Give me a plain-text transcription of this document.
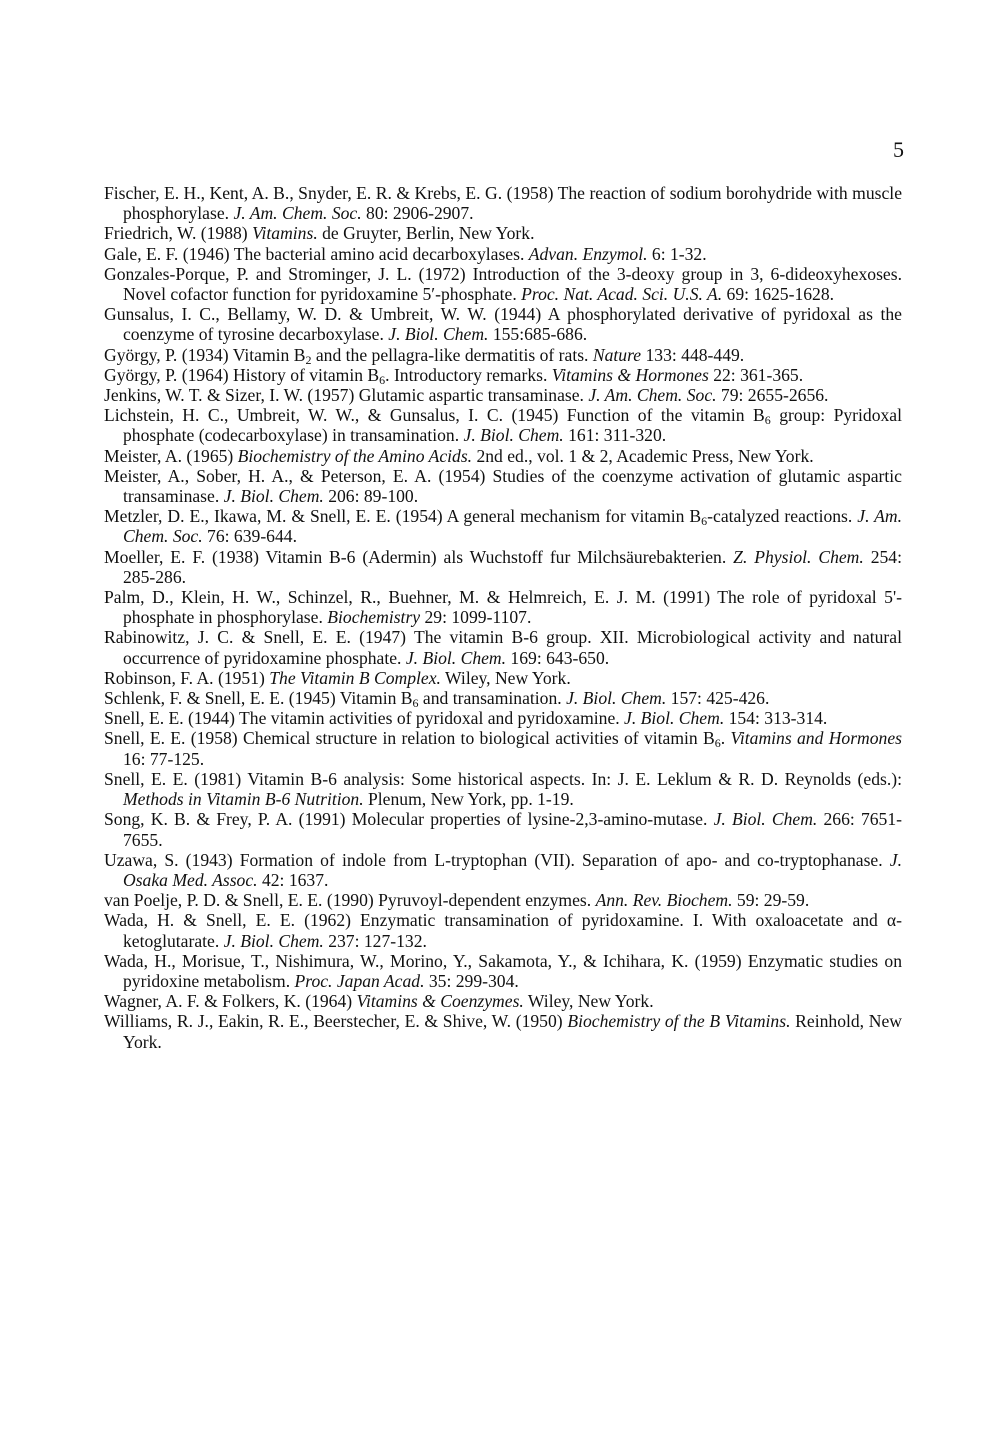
5
Fischer, E. H., Kent, A. B., Snyder, E. R. & Krebs, E. G. (1958) The reaction of sodium borohydride with muscle phosphorylase. J. Am. Chem. Soc. 80: 2906-2907.
Friedrich, W. (1988) Vitamins. de Gruyter, Berlin, New York.
Gale, E. F. (1946) The bacterial amino acid decarboxylases. Advan. Enzymol. 6: 1-32.
Gonzales-Porque, P. and Strominger, J. L. (1972) Introduction of the 3-deoxy group in 3, 6-dideoxyhexoses. Novel cofactor function for pyridoxamine 5′-phosphate. Proc. Nat. Acad. Sci. U.S. A. 69: 1625-1628.
Gunsalus, I. C., Bellamy, W. D. & Umbreit, W. W. (1944) A phosphorylated derivative of pyridoxal as the coenzyme of tyrosine decarboxylase. J. Biol. Chem. 155:685-686.
György, P. (1934) Vitamin $B_2$ and the pellagra-like dermatitis of rats. Nature 133: 448-449.
György, P. (1964) History of vitamin $B_6$. Introductory remarks. Vitamins & Hormones 22: 361-365.
Jenkins, W. T. & Sizer, I. W. (1957) Glutamic aspartic transaminase. J. Am. Chem. Soc. 79: 2655-2656.
Lichstein, H. C., Umbreit, W. W., & Gunsalus, I. C. (1945) Function of the vitamin $B_6$ group: Pyridoxal phosphate (codecarboxylase) in transamination. J. Biol. Chem. 161: 311-320.
Meister, A. (1965) Biochemistry of the Amino Acids. 2nd ed., vol. 1 & 2, Academic Press, New York.
Meister, A., Sober, H. A., & Peterson, E. A. (1954) Studies of the coenzyme activation of glutamic aspartic transaminase. J. Biol. Chem. 206: 89-100.
Metzler, D. E., Ikawa, M. & Snell, E. E. (1954) A general mechanism for vitamin $B_6$-catalyzed reactions. J. Am. Chem. Soc. 76: 639-644.
Moeller, E. F. (1938) Vitamin B-6 (Adermin) als Wuchstoff fur Milchsäurebakterien. Z. Physiol. Chem. 254: 285-286.
Palm, D., Klein, H. W., Schinzel, R., Buehner, M. & Helmreich, E. J. M. (1991) The role of pyridoxal 5'-phosphate in phosphorylase. Biochemistry 29: 1099-1107.
Rabinowitz, J. C. & Snell, E. E. (1947) The vitamin B-6 group. XII. Microbiological activity and natural occurrence of pyridoxamine phosphate. J. Biol. Chem. 169: 643-650.
Robinson, F. A. (1951) The Vitamin B Complex. Wiley, New York.
Schlenk, F. & Snell, E. E. (1945) Vitamin $B_6$ and transamination. J. Biol. Chem. 157: 425-426.
Snell, E. E. (1944) The vitamin activities of pyridoxal and pyridoxamine. J. Biol. Chem. 154: 313-314.
Snell, E. E. (1958) Chemical structure in relation to biological activities of vitamin $B_6$. Vitamins and Hormones 16: 77-125.
Snell, E. E. (1981) Vitamin B-6 analysis: Some historical aspects. In: J. E. Leklum & R. D. Reynolds (eds.): Methods in Vitamin B-6 Nutrition. Plenum, New York, pp. 1-19.
Song, K. B. & Frey, P. A. (1991) Molecular properties of lysine-2,3-amino-mutase. J. Biol. Chem. 266: 7651-7655.
Uzawa, S. (1943) Formation of indole from L-tryptophan (VII). Separation of apo- and co-tryptophanase. J. Osaka Med. Assoc. 42: 1637.
van Poelje, P. D. & Snell, E. E. (1990) Pyruvoyl-dependent enzymes. Ann. Rev. Biochem. 59: 29-59.
Wada, H. & Snell, E. E. (1962) Enzymatic transamination of pyridoxamine. I. With oxaloacetate and α-ketoglutarate. J. Biol. Chem. 237: 127-132.
Wada, H., Morisue, T., Nishimura, W., Morino, Y., Sakamota, Y., & Ichihara, K. (1959) Enzymatic studies on pyridoxine metabolism. Proc. Japan Acad. 35: 299-304.
Wagner, A. F. & Folkers, K. (1964) Vitamins & Coenzymes. Wiley, New York.
Williams, R. J., Eakin, R. E., Beerstecher, E. & Shive, W. (1950) Biochemistry of the B Vitamins. Reinhold, New York.
